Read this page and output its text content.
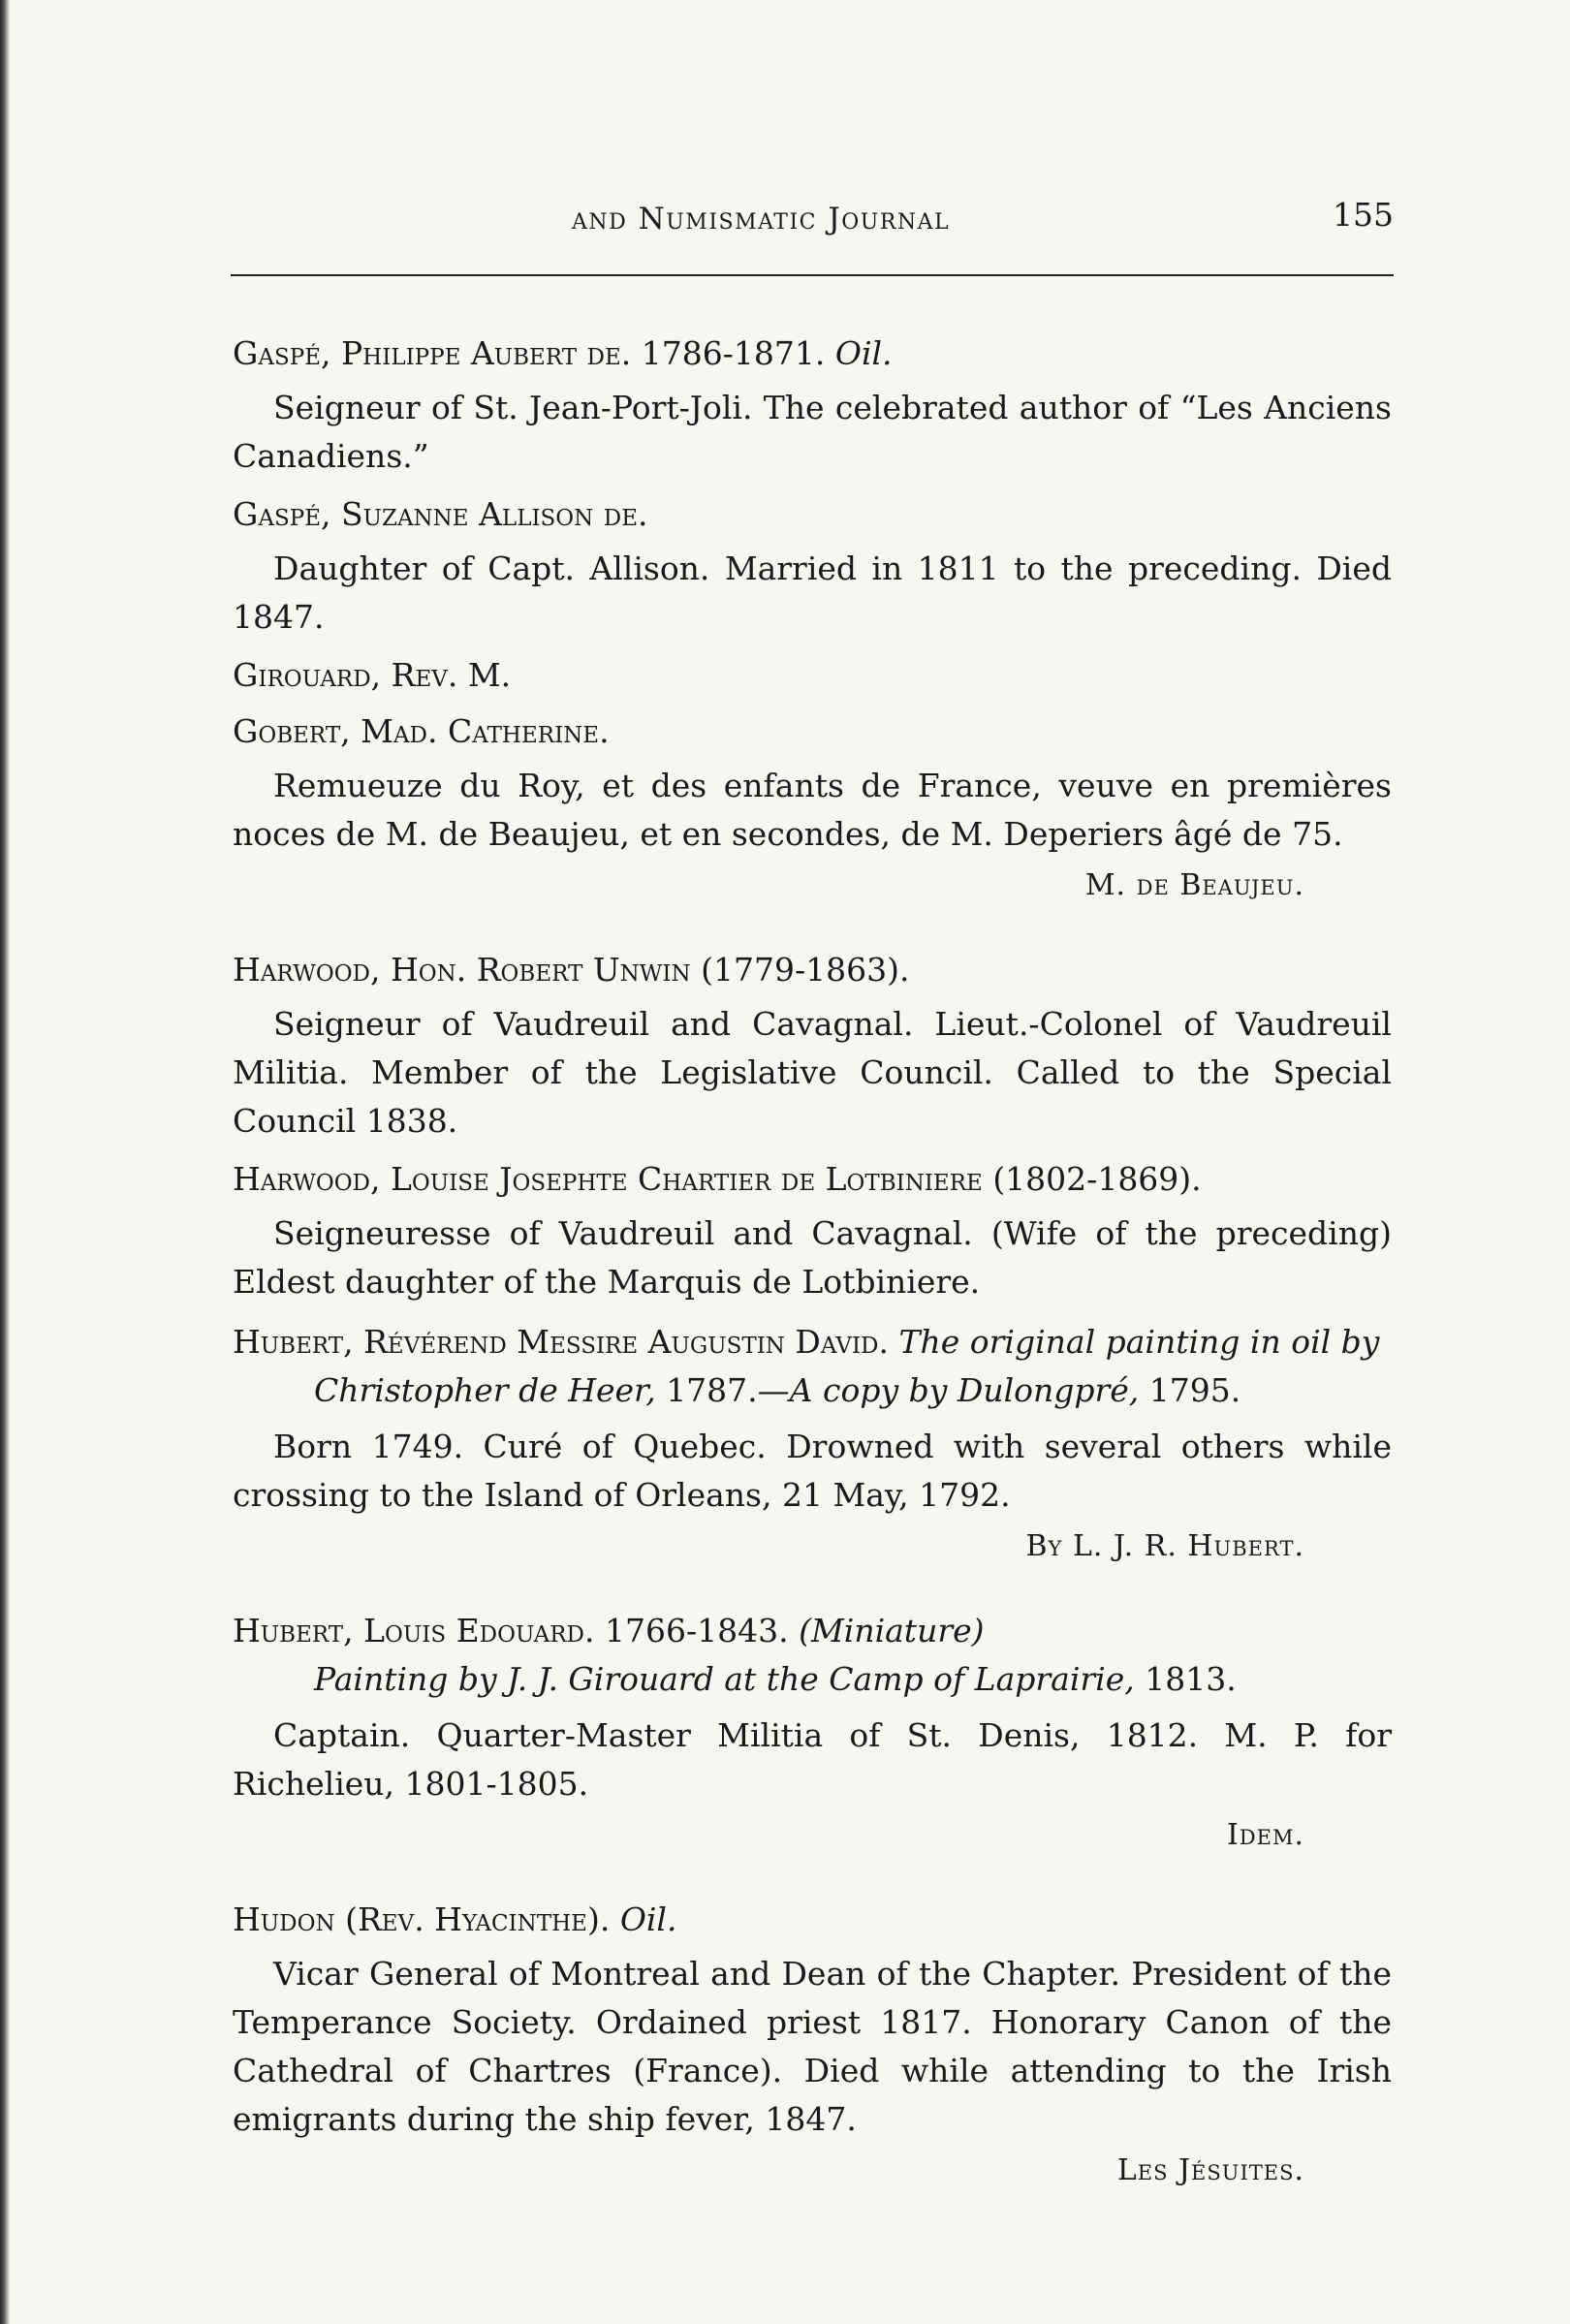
and Numismatic Journal	155
Gaspé, Philippe Aubert de. 1786-1871. Oil.

Seigneur of St. Jean-Port-Joli. The celebrated author of “Les Anciens Canadiens.”

Gaspé, Suzanne Allison de.

Daughter of Capt. Allison. Married in 1811 to the preceding. Died 1847.

Girouard, Rev. M.
Gobert, Mad. Catherine.

Remueuze du Roy, et des enfants de France, veuve en premières noces de M. de Beaujeu, et en secondes, de M. Deperiers âgé de 75.

M. de Beaujeu.

Harwood, Hon. Robert Unwin (1779-1863).

Seigneur of Vaudreuil and Cavagnal. Lieut.-Colonel of Vaudreuil Militia. Member of the Legislative Council. Called to the Special Council 1838.

Harwood, Louise Josephte Chartier de Lotbiniere (1802-1869).

Seigneuresse of Vaudreuil and Cavagnal. (Wife of the preceding) Eldest daughter of the Marquis de Lotbiniere.

Hubert, Révérend Messire Augustin David. The original painting in oil by Christopher de Heer, 1787.—A copy by Dulongpré, 1795.

Born 1749. Curé of Quebec. Drowned with several others while crossing to the Island of Orleans, 21 May, 1792.

By L. J. R. Hubert.

Hubert, Louis Edouard. 1766-1843. (Miniature)

Painting by J. J. Girouard at the Camp of Laprairie, 1813.

Captain. Quarter-Master Militia of St. Denis, 1812. M. P. for Richelieu, 1801-1805.

Idem.

Hudon (Rev. Hyacinthe). Oil.

Vicar General of Montreal and Dean of the Chapter. President of the Temperance Society. Ordained priest 1817. Honorary Canon of the Cathedral of Chartres (France). Died while attending to the Irish emigrants during the ship fever, 1847.

Les Jésuites.
